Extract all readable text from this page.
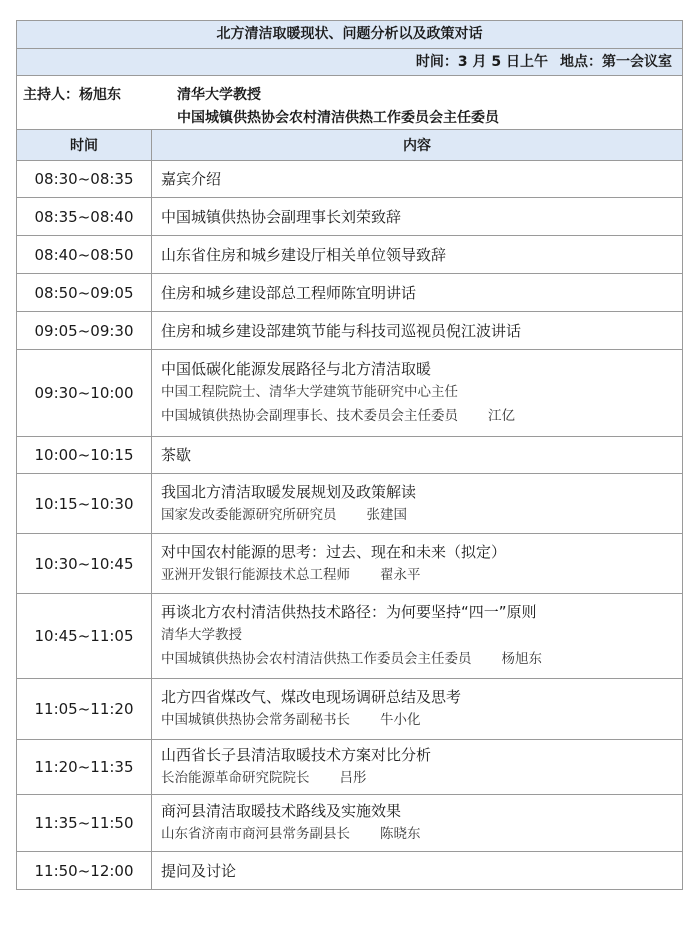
北方清洁取暖现状、问题分析以及政策对话
时间：3 月 5 日上午 地点：第一会议室	

主持人：杨旭东 清华大学教授
中国城镇供热协会农村清洁供热工作委员会主任委员	

时间	内容
08:30~08:35	嘉宾介绍

08:35~08:40	中国城镇供热协会副理事长刘荣致辞

08:40~08:50	山东省住房和城乡建设厅相关单位领导致辞

08:50~09:05	住房和城乡建设部总工程师陈宜明讲话

09:05~09:30	住房和城乡建设部建筑节能与科技司巡视员倪江波讲话

09:30~10:00	中国低碳化能源发展路径与北方清洁取暖
中国工程院院士、清华大学建筑节能研究中心主任
中国城镇供热协会副理事长、技术委员会主任委员 江亿

10:00~10:15	茶歇

10:15~10:30	我国北方清洁取暖发展规划及政策解读
国家发改委能源研究所研究员 张建国

10:30~10:45	对中国农村能源的思考：过去、现在和未来（拟定）
亚洲开发银行能源技术总工程师 翟永平

10:45~11:05	再谈北方农村清洁供热技术路径：为何要坚持“四一”原则
清华大学教授
中国城镇供热协会农村清洁供热工作委员会主任委员 杨旭东

11:05~11:20	北方四省煤改气、煤改电现场调研总结及思考
中国城镇供热协会常务副秘书长 牛小化

11:20~11:35	山西省长子县清洁取暖技术方案对比分析
长治能源革命研究院院长 吕彤

11:35~11:50	商河县清洁取暖技术路线及实施效果
山东省济南市商河县常务副县长 陈晓东

11:50~12:00	提问及讨论
